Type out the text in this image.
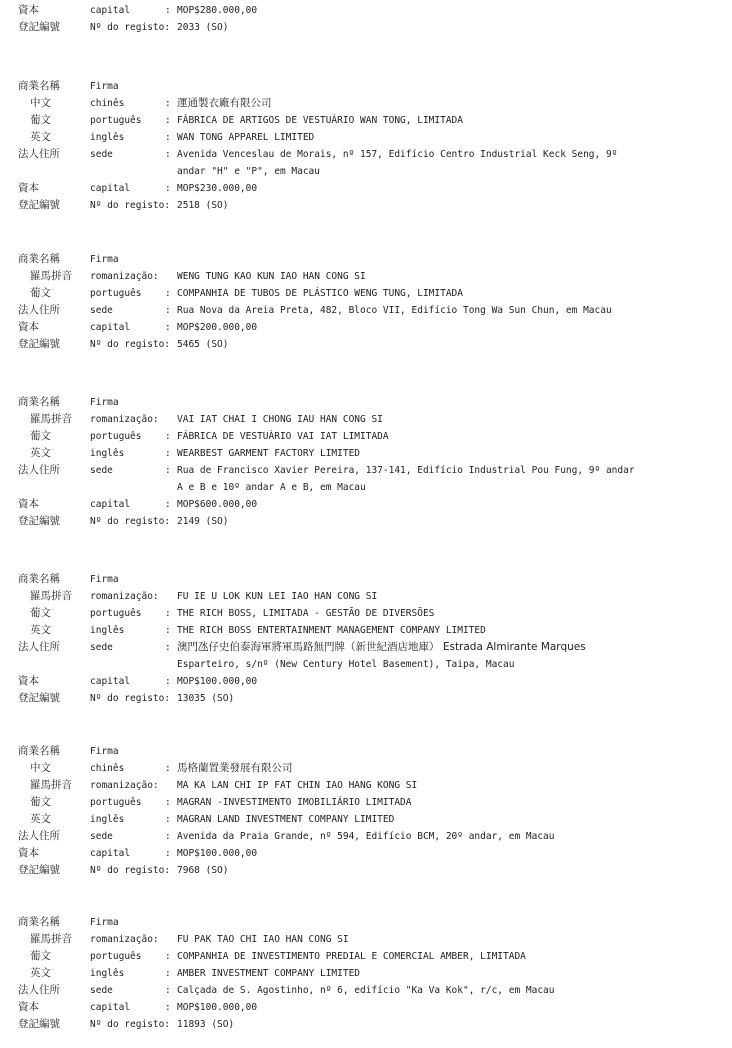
資本	capital	: MOP$280.000,00
登記編號	Nº do registo: 2033 (SO)
商業名稱	Firma
中文	chinês	: 運通製衣廠有限公司
葡文	português : FÁBRICA DE ARTIGOS DE VESTUÁRIO WAN TONG, LIMITADA
英文	inglês	: WAN TONG APPAREL LIMITED
法人住所	sede	: Avenida Venceslau de Morais, nº 157, Edifício Centro Industrial Keck Seng, 9º
andar "H" e "P", em Macau
資本	capital	: MOP$230.000,00
登記編號	Nº do registo: 2518 (SO)
商業名稱	Firma
羅馬拼音 romanização: WENG TUNG KAO KUN IAO HAN CONG SI
葡文	português : COMPANHIA DE TUBOS DE PLÁSTICO WENG TUNG, LIMITADA
法人住所	sede	: Rua Nova da Areia Preta, 482, Bloco VII, Edifício Tong Wa Sun Chun, em Macau
資本	capital	: MOP$200.000,00
登記編號	Nº do registo: 5465 (SO)
商業名稱	Firma
羅馬拼音 romanização: VAI IAT CHAI I CHONG IAU HAN CONG SI
葡文	português : FÁBRICA DE VESTUÁRIO VAI IAT LIMITADA
英文	inglês	: WEARBEST GARMENT FACTORY LIMITED
法人住所	sede	: Rua de Francisco Xavier Pereira, 137-141, Edifício Industrial Pou Fung, 9º andar
A e B e 10º andar A e B, em Macau
資本	capital	: MOP$600.000,00
登記編號	Nº do registo: 2149 (SO)
商業名稱	Firma
羅馬拼音 romanização: FU IE U LOK KUN LEI IAO HAN CONG SI
葡文	português : THE RICH BOSS, LIMITADA - GESTÃO DE DIVERSÕES
英文	inglês	: THE RICH BOSS ENTERTAINMENT MANAGEMENT COMPANY LIMITED
法人住所	sede	: 澳門氹仔史伯泰海軍將軍馬路無門牌（新世紀酒店地庫） Estrada Almirante Marques
Esparteiro, s/nº (New Century Hotel Basement), Taipa, Macau
資本	capital	: MOP$100.000,00
登記編號	Nº do registo: 13035 (SO)
商業名稱	Firma
中文	chinês	: 馬格蘭置業發展有限公司
羅馬拼音 romanização: MA KA LAN CHI IP FAT CHIN IAO HANG KONG SI
葡文	português : MAGRAN -INVESTIMENTO IMOBILIÁRIO LIMITADA
英文	inglês	: MAGRAN LAND INVESTMENT COMPANY LIMITED
法人住所	sede	: Avenida da Praia Grande, nº 594, Edifício BCM, 20º andar, em Macau
資本	capital	: MOP$100.000,00
登記編號	Nº do registo: 7968 (SO)
商業名稱	Firma
羅馬拼音 romanização: FU PAK TAO CHI IAO HAN CONG SI
葡文	português : COMPANHIA DE INVESTIMENTO PREDIAL E COMERCIAL AMBER, LIMITADA
英文	inglês	: AMBER INVESTMENT COMPANY LIMITED
法人住所	sede	: Calçada de S. Agostinho, nº 6, edifício "Ka Va Kok", r/c, em Macau
資本	capital	: MOP$100.000,00
登記編號	Nº do registo: 11893 (SO)
